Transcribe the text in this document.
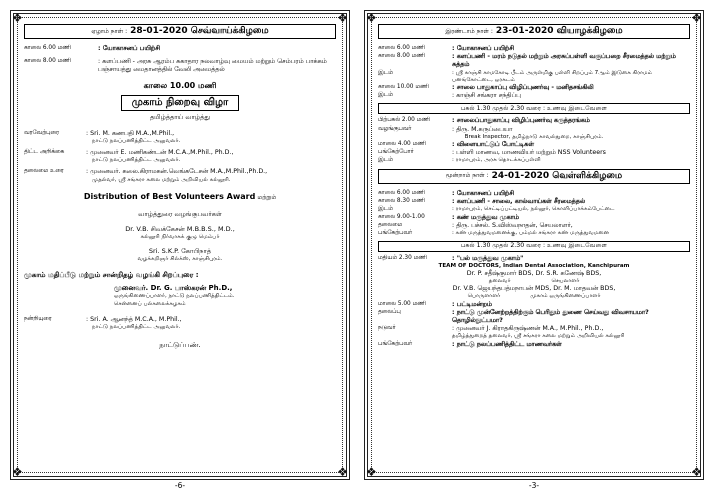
❖	❖
❖	❖
ஏழாம் நாள் : 28-01-2020 செவ்வாய்க்கிழமை
காலை 6.00 மணி	: யோகாசனப் பயிற்சி
காலை 8.00 மணி	: களப்பணி - அரசு ஆரம்ப சுகாதார நலவாழ்வு மையம் மற்றும் செம்பரம் பாக்கம் பஞ்சாயத்து மைதானத்தில் வேலி அமைத்தல்
காலை 10.00 மணி
முகாம் நிறைவு விழா
தமிழ்த்தாய் வாழ்த்து
வரவேற்புரை	: Sri. M. கணபதி M.A.,M.Phil.,
நாட்டு நலப்பணித்திட்ட அலுவலர்.
திட்ட அறிக்கை	: முனைவர் E. மணிகண்டன் M.C.A.,M.Phil., Ph.D.,
நாட்டு நலப்பணித்திட்ட அலுவலர்.
தலைமை உரை	: முனைவர். கலை.கிராமகன்.வெங்கடேசன் M.A.,M.Phil.,Ph.D.,
முதல்வர், ஸ்ரீ சங்கரா கலை மற்றும் அறிவியல் கல்லூரி.
Distribution of Best Volunteers Award மற்றும்
வாழ்த்துரை வழங்குபவர்கள்
Dr. V.B. சிவக்கேசன் M.B.B.S., M.D.,
கல்லூரி நிர்வாகக் குழு மெம்பர்
Sri. S.K.P. கோபிநாத்
வழக்கறிஞர் சில்க்ஸ், காஞ்சிபுரம்.
முகாம் மதிப்பீடு மற்றும் சான்றிதழ் வழங்கி சிறப்புரை :
முனைவர். Dr. G. பாஸ்கரன் Ph.D.,
ஒருங்கிணைப்பாளர், நாட்டு நலப்பணித்திட்டம்.
சென்னைப் பல்கலைக்கழகம்
நன்றியுரை	: Sri. A. ஆனந்த் M.C.A., M.Phil.,
நாட்டு நலப்பணித்திட்ட அலுவலர்.
நாட்டுப்பண்.
-6-
❖	❖
❖	❖
இரண்டாம் நாள் : 23-01-2020 வியாழக்கிழமை
காலை 6.00 மணி	: யோகாசனப் பயிற்சி
காலை 8.00 மணி	: களப்பணி - மரம் நடுதல் மற்றும் அரசுப்பள்ளி வகுப்பறை சீரமைத்தல் மற்றும் சுத்தம்
இடம்	: ஸ்ரீ காஞ்சி காமகோடி பீடம் அருள்மிகு பள்ளி சிறப்பும் 7ஆம் இடுகை கிராமம் பனங்கோட்டை, ஒரகடம்
காலை 10.00 மணி	: சாலை பாதுகாப்பு விழிப்புணர்வு - மனிதசங்கிலி
இடம்	: காஞ்சி சங்கரா சந்திப்பு
பகல் 1.30 முதல் 2.30 வரை : உணவு இடைவேளை
பிற்பகல் 2.00 மணி	: சாலைப்பாதுகாப்பு விழிப்புணர்வு கருத்தரங்கம்
வழங்குபவர்	: திரு. M.கருப்பையா
Break Inspector, தமிழ்நாடு காவல்துறை, காஞ்சிபுரம்.
மாலை 4.00 மணி	: விளையாட்டுப் போட்டிகள்
பங்கேற்போர்	: பள்ளி மாணவ, மாணவியர் மற்றும் NSS Volunteers
இடம்	: ராமாபுரம், அரசு தொடக்கப்பள்ளி
மூன்றாம் நாள் : 24-01-2020 வெள்ளிக்கிழமை
காலை 6.00 மணி	: யோகாசனப் பயிற்சி
காலை 8.30 மணி	: களப்பணி - சாலை, கால்வாய்கள் சீரமைத்தல்
இடம்	: ராமாபுரம், செட்டிப்பட்டியல், நல்லூர், கொளிப்பாக்கம்பேட்டை
காலை 9.00-1.00	: கண் மருத்துவ முகாம்
தலைமை	: திரு. பச்சல். S.விஸ்வநாதன், செயலாளர்,
பங்கேற்பவர்	: கண் மருத்துவமனைக்கு, பம்மல் சங்கரா கண் மருத்துவமனை
பகல் 1.30 முதல் 2.30 வரை : உணவு இடைவேளை
மதியம் 2.30 மணி	: "பல் மருத்துவ முகாம்"
TEAM OF DOCTORS, Indian Dental Association, Kanchipuram
Dr. P. சதீஷ்குமார் BDS, Dr. S.R. கணேஷ் BDS,
தலைவர்                       செயலாளர்
Dr. V.B. ஜெயந்தபத்மநாபன் MDS, Dr. M. மாதவன் BDS,
பொருளாளர்                 முகாம் ஒருங்கிணைப்பாளர்
மாலை 5.00 மணி	: பட்டிமன்றம்
தலைப்பு	: நாட்டு முன்னேற்றத்திற்கும் பெரிதும் துணை செய்வது விவசாயமா? தொழில்நுட்பமா?
நடுவர்	: முனைவர் J. கிராதகிருஷ்ணன் M.A., M.Phil., Ph.D.,
தமிழ்த்துறைத் தலைவர், ஸ்ரீ சங்கரா கலை மற்றும் அறிவியல் கல்லூரி
பங்கேற்பவர்	: நாட்டு நலப்பணித்திட்ட மாணவர்கள்
-3-
